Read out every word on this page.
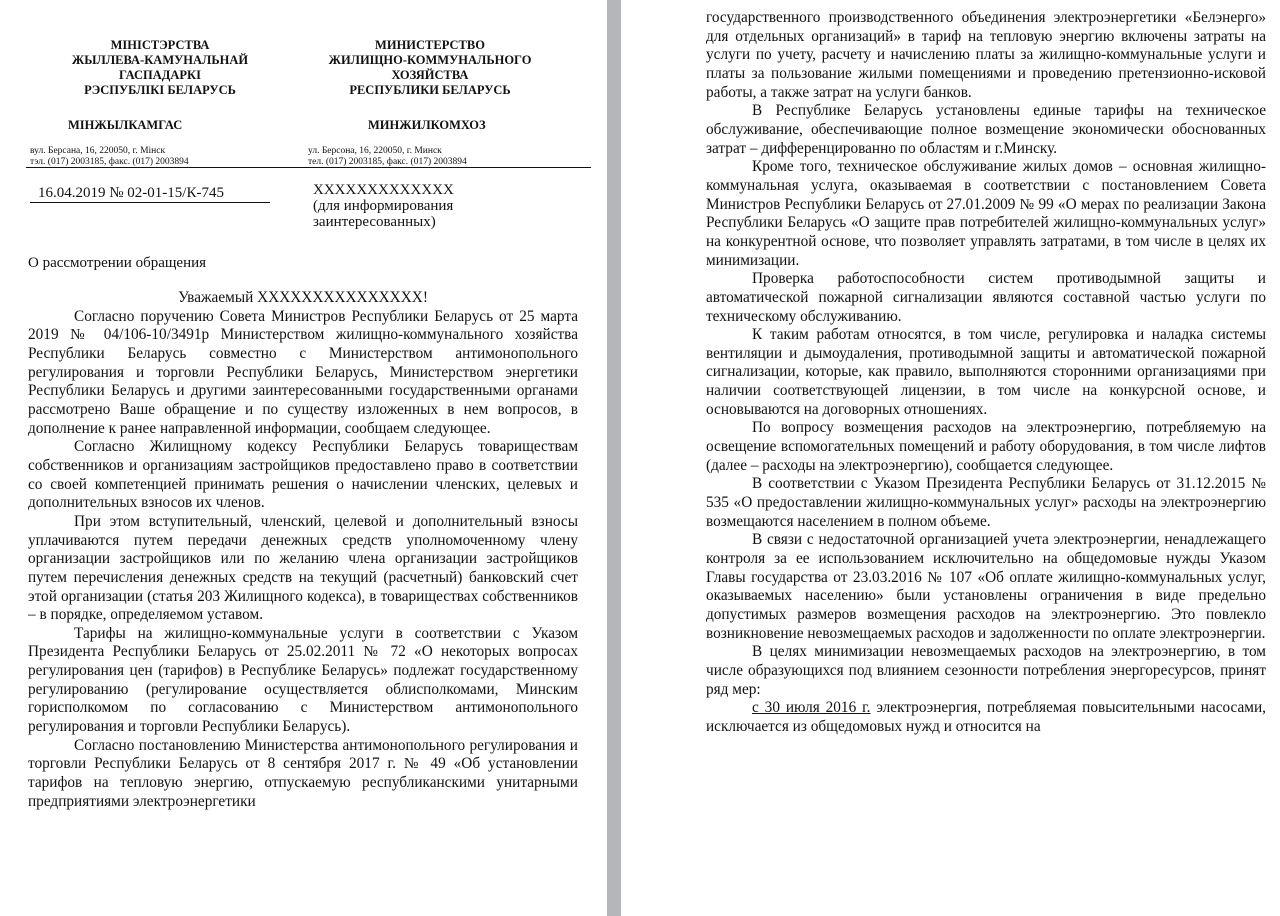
МІНІСТЭРСТВА
ЖЫЛЛЕВА-КАМУНАЛЬНАЙ
ГАСПАДАРКІ
РЭСПУБЛІКІ БЕЛАРУСЬ
МИНИСТЕРСТВО
ЖИЛИЩНО-КОММУНАЛЬНОГО
ХОЗЯЙСТВА
РЕСПУБЛИКИ БЕЛАРУСЬ
МІНЖЫЛКАМГАС	МИНЖИЛКОМХОЗ
вул. Берсана, 16, 220050, г. Мінск
тэл. (017) 2003185, факс. (017) 2003894
ул. Берсона, 16, 220050, г. Минск
тел. (017) 2003185, факс. (017) 2003894
16.04.2019 № 02-01-15/К-745	XXXXXXXXXXXXX
(для информирования
заинтересованных)
О рассмотрении обращения

Уважаемый XXXXXXXXXXXXXXX!

Согласно поручению Совета Министров Республики Беларусь от 25 марта 2019 № 04/106-10/3491р Министерством жилищно-коммунального хозяйства Республики Беларусь совместно с Министерством антимонопольного регулирования и торговли Республики Беларусь, Министерством энергетики Республики Беларусь и другими заинтересованными государственными органами рассмотрено Ваше обращение и по существу изложенных в нем вопросов, в дополнение к ранее направленной информации, сообщаем следующее.

Согласно Жилищному кодексу Республики Беларусь товариществам собственников и организациям застройщиков предоставлено право в соответствии со своей компетенцией принимать решения о начислении членских, целевых и дополнительных взносов их членов.

При этом вступительный, членский, целевой и дополнительный взносы уплачиваются путем передачи денежных средств уполномоченному члену организации застройщиков или по желанию члена организации застройщиков путем перечисления денежных средств на текущий (расчетный) банковский счет этой организации (статья 203 Жилищного кодекса), в товариществах собственников – в порядке, определяемом уставом.

Тарифы на жилищно-коммунальные услуги в соответствии с Указом Президента Республики Беларусь от 25.02.2011 № 72 «О некоторых вопросах регулирования цен (тарифов) в Республике Беларусь» подлежат государственному регулированию (регулирование осуществляется облисполкомами, Минским горисполкомом по согласованию с Министерством антимонопольного регулирования и торговли Республики Беларусь).

Согласно постановлению Министерства антимонопольного регулирования и торговли Республики Беларусь от 8 сентября 2017 г. № 49 «Об установлении тарифов на тепловую энергию, отпускаемую республиканскими унитарными предприятиями электроэнергетики

государственного производственного объединения электроэнергетики «Белэнерго» для отдельных организаций» в тариф на тепловую энергию включены затраты на услуги по учету, расчету и начислению платы за жилищно-коммунальные услуги и платы за пользование жилыми помещениями и проведению претензионно-исковой работы, а также затрат на услуги банков.

В Республике Беларусь установлены единые тарифы на техническое обслуживание, обеспечивающие полное возмещение экономически обоснованных затрат – дифференцированно по областям и г.Минску.

Кроме того, техническое обслуживание жилых домов – основная жилищно-коммунальная услуга, оказываемая в соответствии с постановлением Совета Министров Республики Беларусь от 27.01.2009 № 99 «О мерах по реализации Закона Республики Беларусь «О защите прав потребителей жилищно-коммунальных услуг» на конкурентной основе, что позволяет управлять затратами, в том числе в целях их минимизации.

Проверка работоспособности систем противодымной защиты и автоматической пожарной сигнализации являются составной частью услуги по техническому обслуживанию.

К таким работам относятся, в том числе, регулировка и наладка системы вентиляции и дымоудаления, противодымной защиты и автоматической пожарной сигнализации, которые, как правило, выполняются сторонними организациями при наличии соответствующей лицензии, в том числе на конкурсной основе, и основываются на договорных отношениях.

По вопросу возмещения расходов на электроэнергию, потребляемую на освещение вспомогательных помещений и работу оборудования, в том числе лифтов (далее – расходы на электроэнергию), сообщается следующее.

В соответствии с Указом Президента Республики Беларусь от 31.12.2015 № 535 «О предоставлении жилищно-коммунальных услуг» расходы на электроэнергию возмещаются населением в полном объеме.

В связи с недостаточной организацией учета электроэнергии, ненадлежащего контроля за ее использованием исключительно на общедомовые нужды Указом Главы государства от 23.03.2016 № 107 «Об оплате жилищно-коммунальных услуг, оказываемых населению» были установлены ограничения в виде предельно допустимых размеров возмещения расходов на электроэнергию. Это повлекло возникновение невозмещаемых расходов и задолженности по оплате электроэнергии.

В целях минимизации невозмещаемых расходов на электроэнергию, в том числе образующихся под влиянием сезонности потребления энергоресурсов, принят ряд мер:

с 30 июля 2016 г. электроэнергия, потребляемая повысительными насосами, исключается из общедомовых нужд и относится на
